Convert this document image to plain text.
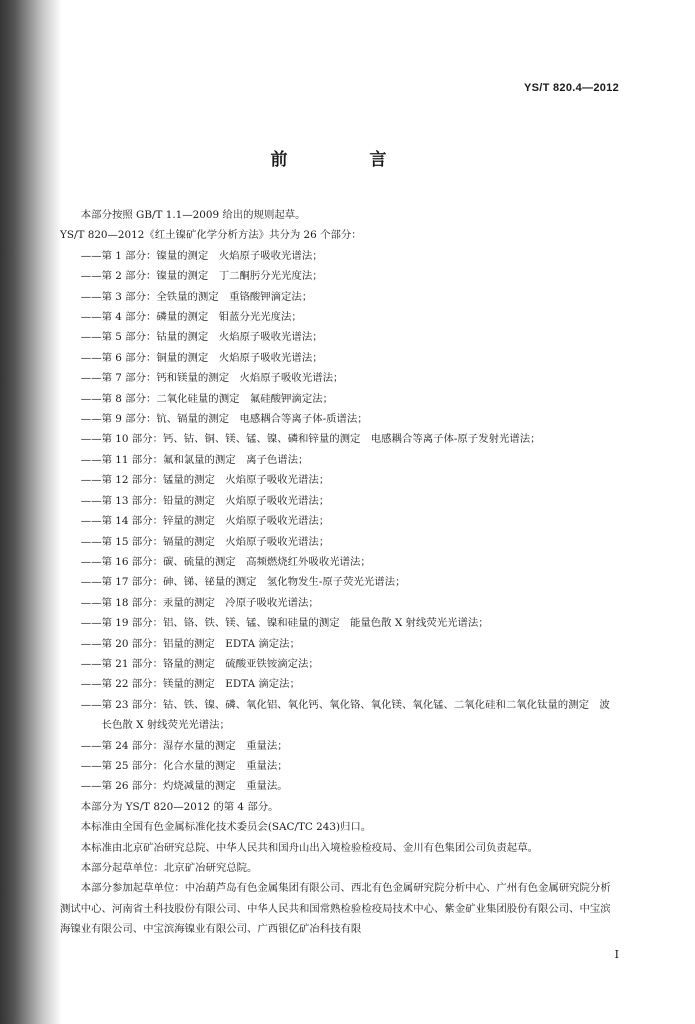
YS/T 820.4—2012
前 言

本部分按照 GB/T 1.1—2009 给出的规则起草。

YS/T 820—2012《红土镍矿化学分析方法》共分为 26 个部分：

——第 1 部分：镍量的测定　火焰原子吸收光谱法；
——第 2 部分：镍量的测定　丁二酮肟分光光度法；
——第 3 部分：全铁量的测定　重铬酸钾滴定法；
——第 4 部分：磷量的测定　钼蓝分光光度法；
——第 5 部分：钴量的测定　火焰原子吸收光谱法；
——第 6 部分：铜量的测定　火焰原子吸收光谱法；
——第 7 部分：钙和镁量的测定　火焰原子吸收光谱法；
——第 8 部分：二氧化硅量的测定　氟硅酸钾滴定法；
——第 9 部分：钪、镉量的测定　电感耦合等离子体-质谱法；
——第 10 部分：钙、钴、铜、镁、锰、镍、磷和锌量的测定　电感耦合等离子体-原子发射光谱法；
——第 11 部分：氟和氯量的测定　离子色谱法；
——第 12 部分：锰量的测定　火焰原子吸收光谱法；
——第 13 部分：铅量的测定　火焰原子吸收光谱法；
——第 14 部分：锌量的测定　火焰原子吸收光谱法；
——第 15 部分：镉量的测定　火焰原子吸收光谱法；
——第 16 部分：碳、硫量的测定　高频燃烧红外吸收光谱法；
——第 17 部分：砷、锑、铋量的测定　氢化物发生-原子荧光光谱法；
——第 18 部分：汞量的测定　冷原子吸收光谱法；
——第 19 部分：铝、铬、铁、镁、锰、镍和硅量的测定　能量色散 X 射线荧光光谱法；
——第 20 部分：铝量的测定　EDTA 滴定法；
——第 21 部分：铬量的测定　硫酸亚铁铵滴定法；
——第 22 部分：镁量的测定　EDTA 滴定法；
——第 23 部分：钴、铁、镍、磷、氧化铝、氧化钙、氧化铬、氧化镁、氧化锰、二氧化硅和二氧化钛量的测定　波长色散 X 射线荧光光谱法；
——第 24 部分：湿存水量的测定　重量法；
——第 25 部分：化合水量的测定　重量法；
——第 26 部分：灼烧减量的测定　重量法。

本部分为 YS/T 820—2012 的第 4 部分。

本标准由全国有色金属标准化技术委员会(SAC/TC 243)归口。

本标准由北京矿冶研究总院、中华人民共和国舟山出入境检验检疫局、金川有色集团公司负责起草。

本部分起草单位：北京矿冶研究总院。

本部分参加起草单位：中冶葫芦岛有色金属集团有限公司、西北有色金属研究院分析中心、广州有色金属研究院分析测试中心、河南省土科技股份有限公司、中华人民共和国常熟检验检疫局技术中心、紫金矿业集团股份有限公司、中宝滨海镍业有限公司、中宝滨海镍业有限公司、广西银亿矿冶科技有限

I
